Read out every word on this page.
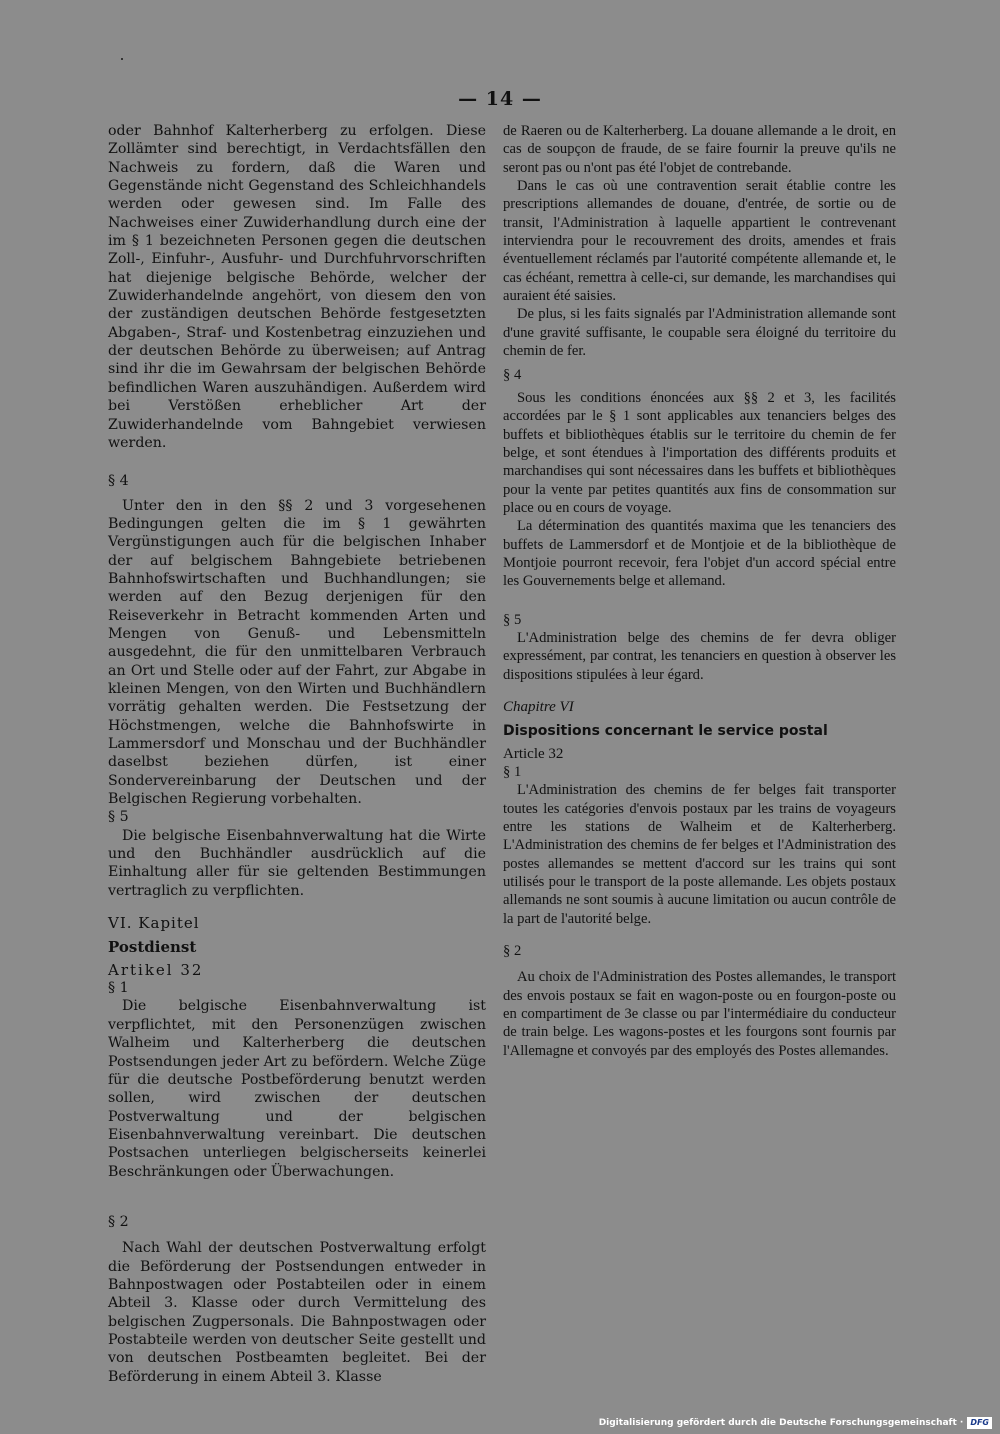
— 14 —

oder Bahnhof Kalterherberg zu erfolgen. Diese Zollämter sind berechtigt, in Verdachtsfällen den Nachweis zu fordern, daß die Waren und Gegenstände nicht Gegenstand des Schleichhandels werden oder gewesen sind. Im Falle des Nachweises einer Zuwiderhandlung durch eine der im § 1 bezeichneten Personen gegen die deutschen Zoll-, Einfuhr-, Ausfuhr- und Durchfuhrvorschriften hat diejenige belgische Behörde, welcher der Zuwiderhandelnde angehört, von diesem den von der zuständigen deutschen Behörde festgesetzten Abgaben-, Straf- und Kostenbetrag einzuziehen und der deutschen Behörde zu überweisen; auf Antrag sind ihr die im Gewahrsam der belgischen Behörde befindlichen Waren auszuhändigen. Außerdem wird bei Verstößen erheblicher Art der Zuwiderhandelnde vom Bahngebiet verwiesen werden.

§ 4

Unter den in den §§ 2 und 3 vorgesehenen Bedingungen gelten die im § 1 gewährten Vergünstigungen auch für die belgischen Inhaber der auf belgischem Bahngebiete betriebenen Bahnhofswirtschaften und Buchhandlungen; sie werden auf den Bezug derjenigen für den Reiseverkehr in Betracht kommenden Arten und Mengen von Genuß- und Lebensmitteln ausgedehnt, die für den unmittelbaren Verbrauch an Ort und Stelle oder auf der Fahrt, zur Abgabe in kleinen Mengen, von den Wirten und Buchhändlern vorrätig gehalten werden. Die Festsetzung der Höchstmengen, welche die Bahnhofswirte in Lammersdorf und Monschau und der Buchhändler daselbst beziehen dürfen, ist einer Sondervereinbarung der Deutschen und der Belgischen Regierung vorbehalten.

§ 5

Die belgische Eisenbahnverwaltung hat die Wirte und den Buchhändler ausdrücklich auf die Einhaltung aller für sie geltenden Bestimmungen vertraglich zu verpflichten.

VI. Kapitel

Postdienst

Artikel 32

§ 1

Die belgische Eisenbahnverwaltung ist verpflichtet, mit den Personenzügen zwischen Walheim und Kalterherberg die deutschen Postsendungen jeder Art zu befördern. Welche Züge für die deutsche Postbeförderung benutzt werden sollen, wird zwischen der deutschen Postverwaltung und der belgischen Eisenbahnverwaltung vereinbart. Die deutschen Postsachen unterliegen belgischerseits keinerlei Beschränkungen oder Überwachungen.

§ 2

Nach Wahl der deutschen Postverwaltung erfolgt die Beförderung der Postsendungen entweder in Bahnpostwagen oder Postabteilen oder in einem Abteil 3. Klasse oder durch Vermittelung des belgischen Zugpersonals. Die Bahnpostwagen oder Postabteile werden von deutscher Seite gestellt und von deutschen Postbeamten begleitet. Bei der Beförderung in einem Abteil 3. Klasse

de Raeren ou de Kalterherberg. La douane allemande a le droit, en cas de soupçon de fraude, de se faire fournir la preuve qu'ils ne seront pas ou n'ont pas été l'objet de contrebande.

Dans le cas où une contravention serait établie contre les prescriptions allemandes de douane, d'entrée, de sortie ou de transit, l'Administration à laquelle appartient le contrevenant interviendra pour le recouvrement des droits, amendes et frais éventuellement réclamés par l'autorité compétente allemande et, le cas échéant, remettra à celle-ci, sur demande, les marchandises qui auraient été saisies.

De plus, si les faits signalés par l'Administration allemande sont d'une gravité suffisante, le coupable sera éloigné du territoire du chemin de fer.

§ 4

Sous les conditions énoncées aux §§ 2 et 3, les facilités accordées par le § 1 sont applicables aux tenanciers belges des buffets et bibliothèques établis sur le territoire du chemin de fer belge, et sont étendues à l'importation des différents produits et marchandises qui sont nécessaires dans les buffets et bibliothèques pour la vente par petites quantités aux fins de consommation sur place ou en cours de voyage.

La détermination des quantités maxima que les tenanciers des buffets de Lammersdorf et de Montjoie et de la bibliothèque de Montjoie pourront recevoir, fera l'objet d'un accord spécial entre les Gouvernements belge et allemand.

§ 5

L'Administration belge des chemins de fer devra obliger expressément, par contrat, les tenanciers en question à observer les dispositions stipulées à leur égard.

Chapitre VI

Dispositions concernant le service postal

Article 32

§ 1

L'Administration des chemins de fer belges fait transporter toutes les catégories d'envois postaux par les trains de voyageurs entre les stations de Walheim et de Kalterherberg. L'Administration des chemins de fer belges et l'Administration des postes allemandes se mettent d'accord sur les trains qui sont utilisés pour le transport de la poste allemande. Les objets postaux allemands ne sont soumis à aucune limitation ou aucun contrôle de la part de l'autorité belge.

§ 2

Au choix de l'Administration des Postes allemandes, le transport des envois postaux se fait en wagon-poste ou en fourgon-poste ou en compartiment de 3e classe ou par l'intermédiaire du conducteur de train belge. Les wagons-postes et les fourgons sont fournis par l'Allemagne et convoyés par des employés des Postes allemandes.

Digitalisierung gefördert durch die Deutsche Forschungsgemeinschaft · DFG
